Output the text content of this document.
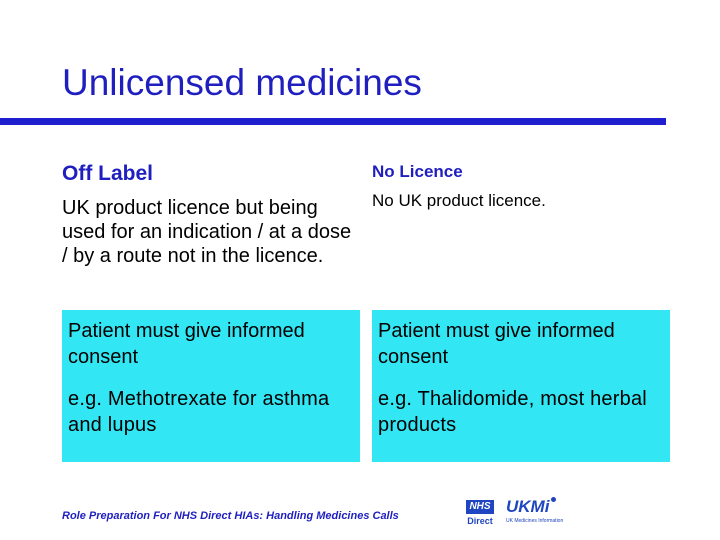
Unlicensed medicines
Off Label
UK product licence but being used for an indication / at a dose / by a route not in the licence.
No Licence
No UK product licence.

Patient must give informed consent

e.g. Methotrexate for asthma and lupus

Patient must give informed consent

e.g. Thalidomide, most herbal products

Role Preparation For NHS Direct HIAs: Handling Medicines Calls
NHS
Direct
UKMi
UK Medicines Information
